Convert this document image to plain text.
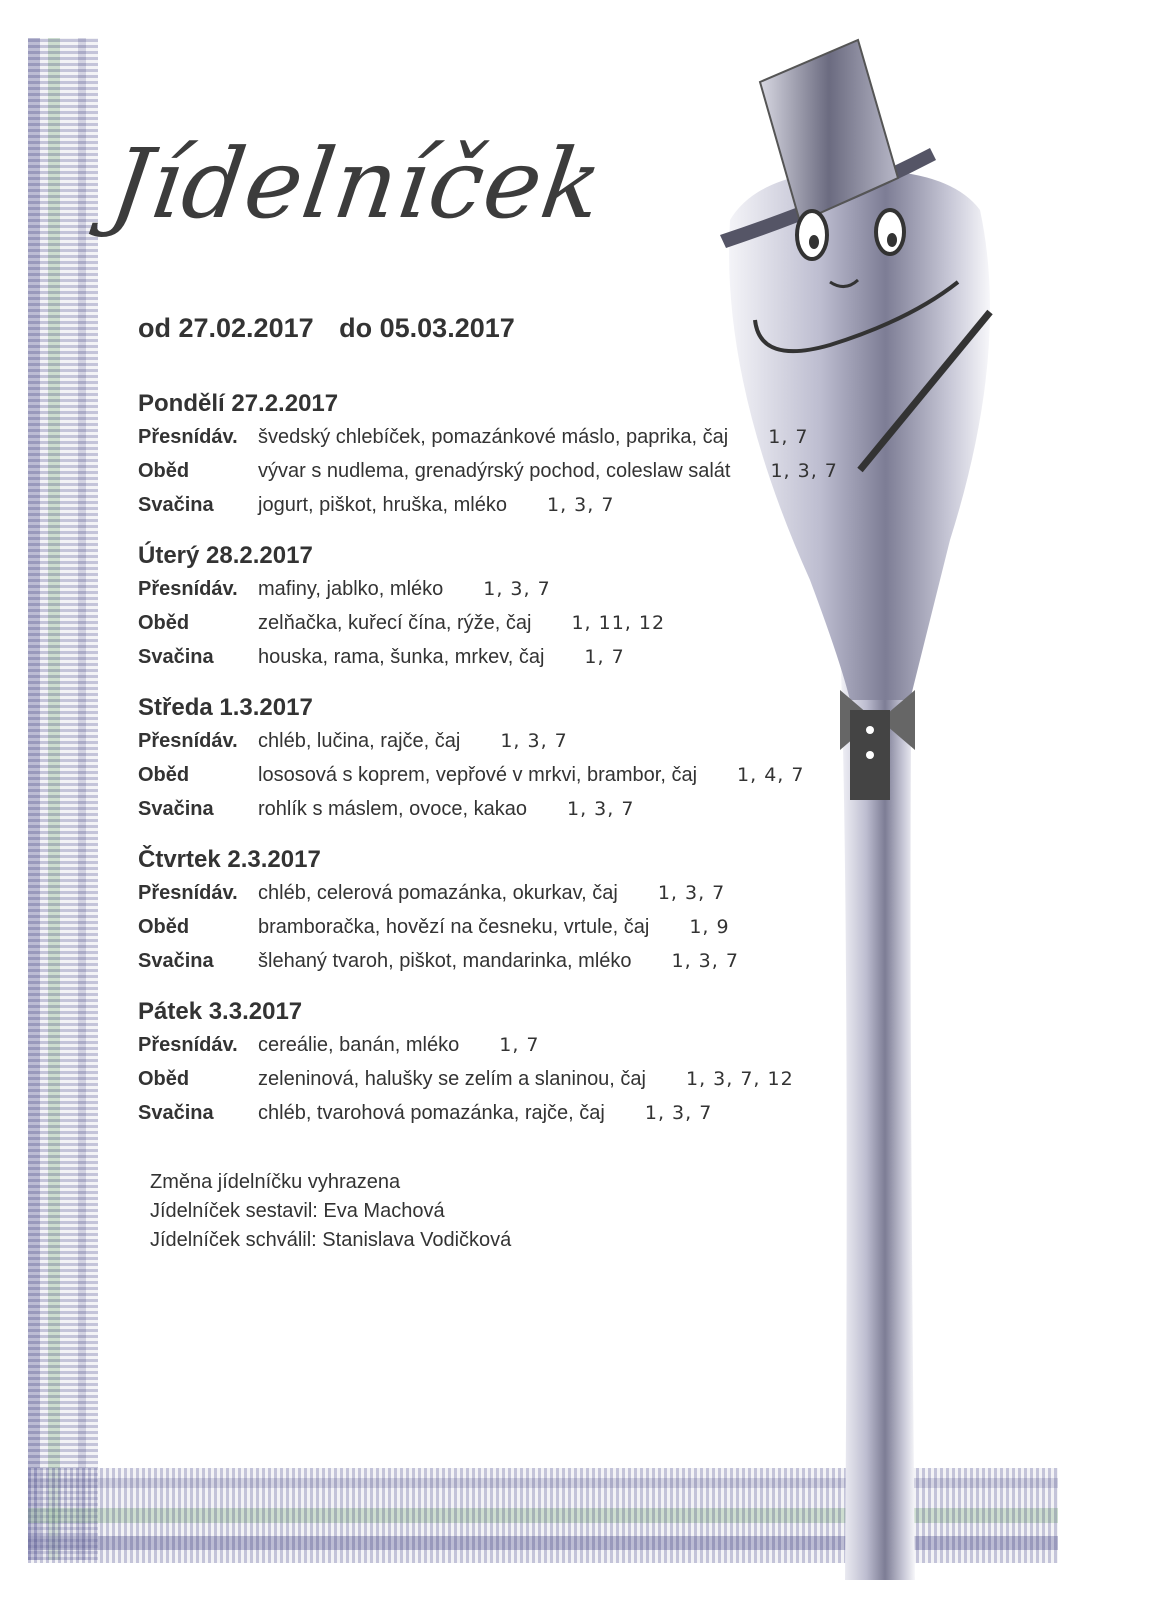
Jídelníček
od 27.02.2017 do 05.03.2017
Pondělí 27.2.2017
Přesnídáv.	švedský chlebíček, pomazánkové máslo, paprika, čaj 1, 7
Oběd	vývar s nudlema, grenadýrský pochod, coleslaw salát 1, 3, 7
Svačina	jogurt, piškot, hruška, mléko 1, 3, 7
Úterý 28.2.2017
Přesnídáv.	mafiny, jablko, mléko 1, 3, 7
Oběd	zelňačka, kuřecí čína, rýže, čaj 1, 11, 12
Svačina	houska, rama, šunka, mrkev, čaj 1, 7
Středa 1.3.2017
Přesnídáv.	chléb, lučina, rajče, čaj 1, 3, 7
Oběd	lososová s koprem, vepřové v mrkvi, brambor, čaj 1, 4, 7
Svačina	rohlík s máslem, ovoce, kakao 1, 3, 7
Čtvrtek 2.3.2017
Přesnídáv.	chléb, celerová pomazánka, okurkav, čaj 1, 3, 7
Oběd	bramboračka, hovězí na česneku, vrtule, čaj 1, 9
Svačina	šlehaný tvaroh, piškot, mandarinka, mléko 1, 3, 7
Pátek 3.3.2017
Přesnídáv.	cereálie, banán, mléko 1, 7
Oběd	zeleninová, halušky se zelím a slaninou, čaj 1, 3, 7, 12
Svačina	chléb, tvarohová pomazánka, rajče, čaj 1, 3, 7
Změna jídelníčku vyhrazena
Jídelníček sestavil: Eva Machová
Jídelníček schválil: Stanislava Vodičková
